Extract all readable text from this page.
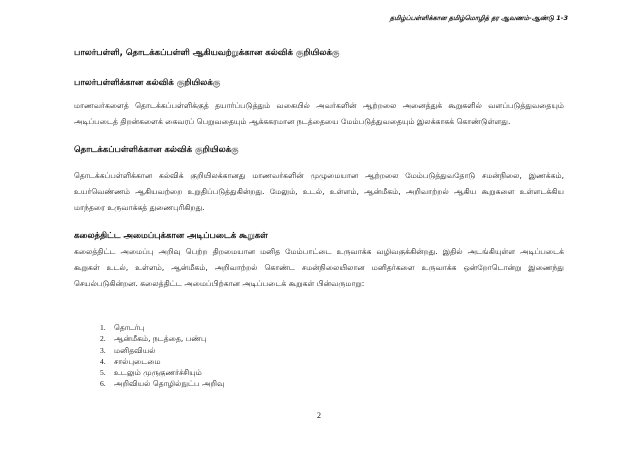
தமிழ்ப்பள்ளிக்கான தமிழ்மொழித் தர ஆவணம்-ஆண்டு 1-3
பாலர்பள்ளி, தொடக்கப்பள்ளி ஆகியவற்றுக்கான கல்விக் குறியிலக்கு
பாலர்பள்ளிக்கான கல்விக் குறியிலக்கு
மாணவர்களைத் தொடக்கப்பள்ளிக்குத் தயார்ப்படுத்தும் வகையில் அவர்களின் ஆற்றலை அனைத்துக் கூறுகளில் வளப்படுத்துவதையும் அடிப்படைத் திறன்களைக் கைவரப் பெறுவதையும் ஆக்ககரமான நடத்தையை மேம்படுத்துவதையும் இலக்காகக் கொண்டுள்ளது.
தொடக்கப்பள்ளிக்கான கல்விக் குறியிலக்கு
தொடக்கப்பள்ளிக்கான கல்விக் குறியிலக்கானது மாணவர்களின் முழுமையான ஆற்றலை மேம்படுத்துவதோடு சமன்நிலை, இணக்கம், உயர்வெண்ணம் ஆகியவற்றை உறுதிப்படுத்துகின்றது. மேலும், உடல், உள்ளம், ஆன்மீகம், அறிவாற்றல் ஆகிய கூறுகளை உள்ளடக்கிய மாந்தரை உருவாக்கத் துணைபுரிகிறது.
கலைத்திட்ட அமைப்புக்கான அடிப்படைக் கூறுகள்
கலைத்திட்ட அமைப்பு அறிவு பெற்ற திறமையான மனித மேம்பாட்டை உருவாக்க வழிவகுக்கின்றது. இதில் அடங்கியுள்ள அடிப்படைக் கூறுகள் உடல், உள்ளம், ஆன்மீகம், அறிவாற்றல் கொண்ட சமன்நிலையிலான மனிதர்களை உருவாக்க ஒன்றோடொன்று இணைந்து செயல்படுகின்றன. கலைத்திட்ட அமைப்பிற்கான அடிப்படைக் கூறுகள் பின்வருமாறு:
1. தொடர்பு
2. ஆன்மீகம், நடத்தை, பண்பு
3. மனிதவியல்
4. சால்புடைமை
5. உடலும் முருகுணர்ச்சியும்
6. அறிவியல் தொழில்நுட்ப அறிவு
2
